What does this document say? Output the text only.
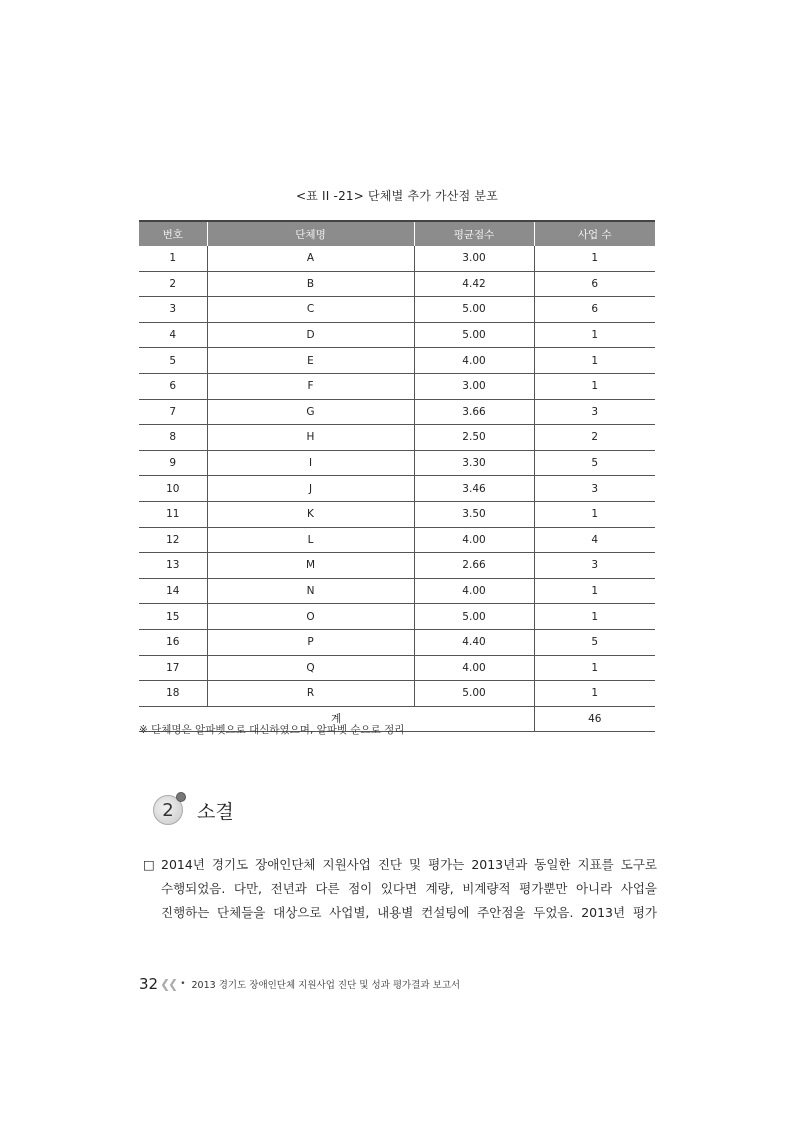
<표 II -21> 단체별 추가 가산점 분포
번호	단체명	평균점수	사업 수
1	A	3.00	1
2	B	4.42	6
3	C	5.00	6
4	D	5.00	1
5	E	4.00	1
6	F	3.00	1
7	G	3.66	3
8	H	2.50	2
9	I	3.30	5
10	J	3.46	3
11	K	3.50	1
12	L	4.00	4
13	M	2.66	3
14	N	4.00	1
15	O	5.00	1
16	P	4.40	5
17	Q	4.00	1
18	R	5.00	1
계			46
※ 단체명은 알파벳으로 대신하였으며, 알파벳 순으로 정리
2 소결
□ 2014년 경기도 장애인단체 지원사업 진단 및 평가는 2013년과 동일한 지표를 도구로
수행되었음. 다만, 전년과 다른 점이 있다면 계량, 비계량적 평가뿐만 아니라 사업을
진행하는 단체들을 대상으로 사업별, 내용별 컨설팅에 주안점을 두었음. 2013년 평가
32 ❮❮ • 2013 경기도 장애인단체 지원사업 진단 및 성과 평가결과 보고서
